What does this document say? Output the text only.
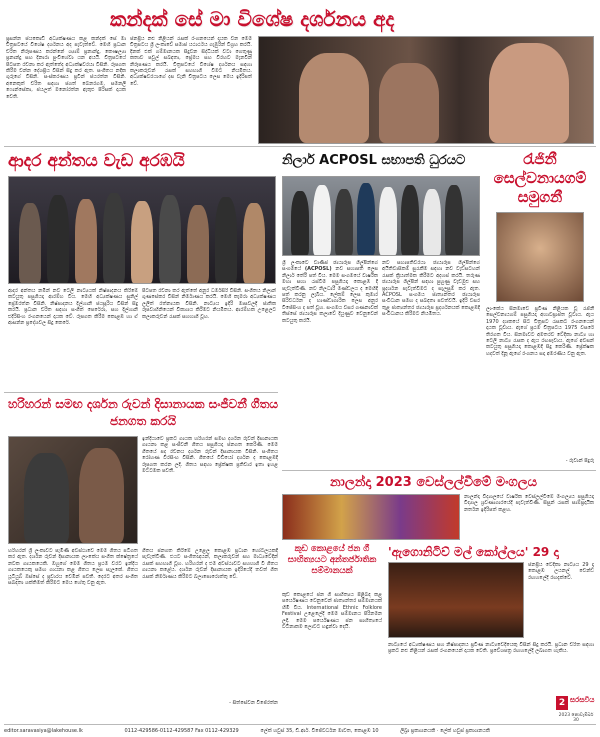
කන්දක් සේ මා විශේෂ දර්ශනය අද
ප්‍රසන්න ජයකොඩි අධ්‍යක්ෂණය කළ කන්දක් සේ මා චිත්‍රපටයේ විශේෂ දර්ශනය අද පැවැත්වේ. මෙහි ප්‍රධාන චරිත නිරූපණය කරන්නේ ශ්‍යාම් ප්‍රනාන්දු, කෞෂල්‍යා ප්‍රනාන්දු සහ දිනාරා පුංචිහේවා යන අයයි. චිත්‍රපටයේ පිටපත රචනා කර ඇත්තේද අධ්‍යක්ෂවරයා විසිනි. රූපගත කිරීම චන්න දේශප්‍රිය විසින් සිදු කර ඇත. සංගීතය නදීක ගුරුගේ විසිනි. සංස්කරණය ප්‍රවීන් ජයරත්න විසිනි. අනෙකුත් චරිත සඳහා ජගත් බෙනරගම, සමනලී ෆොන්සේකා, ජයලත් මනෝරත්න ඇතුළු පිරිසක් දායක වෙති.
ජනප්‍රිය නළු නිළියන් රැසක් රංගනයෙන් දායක වන මෙම චිත්‍රපටය ශ්‍රී ලංකාවේ සමාජ යථාර්ථය ගැඹුරින් විග්‍රහ කරයි. දිනක් එක් ගම්මානයක සිදුවන සිද්ධියක් වටා ගෙතුණු කතාව පවුල් සබඳතා, ප්‍රේමය සහ විරහව මැනවින් නිරූපණය කරයි. චිත්‍රපටයේ විශේෂ දර්ශනය සඳහා කලාකරුවන් රැසක් සහභාගි වීමට නියමිතය. අධ්‍යක්ෂවරයාගේ දස වැනි චිත්‍රපටය ලෙස මෙය ඉදිරිපත් වේ.
ආදර අන්තය වැඩ අරඹයි
ආදර අන්තය නමින් නව ටෙලි නාට්‍යයක් නිෂ්පාදනය කිරීමේ කටයුතු පසුගියදා ආරම්භ විය. මෙහි අධ්‍යක්ෂණය සුනිල් ප්‍රේමරත්න විසිනි. නිෂ්පාදනය දිල්හානි ජයසූරිය විසින් සිදු කරයි. ප්‍රධාන චරිත සඳහා සංගීත් පෙරේරා, සහ දිල්හානි එදිරිසිංහ රංගනයෙන් දායක වේ. රූපගත කිරීම කොළඹ හා ඒ ආසන්න ප්‍රදේශවල සිදු කෙරේ.
පිටපත රචනා කර ඇත්තේ අනුර ධර්මසිරි විසිනි. සංගීතය නිලාන් ගුණසේකර විසින් නිර්මාණය කරයි. මෙහි කැමරා අධ්‍යක්ෂණය ලලිත් රත්නායක විසිනි. නාට්‍යය ඉදිරි මාසවලදී ජාතික රූපවාහිනියෙන් විකාශය කිරීමට නියමිතය. ආරම්භක උළෙලට කලාකරුවන් රැසක් සහභාගි වූහ.
නිලාර් ACPOSL සභාපති ධුරයට
ශ්‍රී ලංකාවේ වාණිජ ඡායාරූප ශිල්පීන්ගේ සංගමයේ (ACPOSL) නව සභාපති ලෙස නිලාර් තේරී පත් විය. මෙම සංගමයේ වාර්ෂික මහා සභා රැස්වීම පසුගියදා කොළඹ දී පැවැත්විණි. නව නිලධාරී මණ්ඩලය ද මෙහිදී පත් කරනු ලැබීය. ලේකම් ලෙස කුමාර සිරිවර්ධන ද භාණ්ඩාගාරික ලෙස අනුර විජේසිංහ ද පත් වූහ. සංගමය වසර ගණනාවක් තිස්සේ ඡායාරූප කලාවේ දියුණුව වෙනුවෙන් කටයුතු කරයි.
නව සභාපතිවරයා ඡායාරූප ශිල්පීන්ගේ අයිතිවාසිකම් සුරැකීම සඳහා නව වැඩසටහන් රැසක් ක්‍රියාත්මක කිරීමට අදහස් කරයි. තරුණ ඡායාරූප ශිල්පීන් සඳහා පුහුණු වැඩමුළු සහ ප්‍රදර්ශන පැවැත්වීමට ද සැලසුම් කර ඇත. ACPOSL සංගමය ජාත්‍යන්තර ඡායාරූප සංවිධාන සමඟ ද සබඳතා පවත්වයි. ඉදිරි වසර තුළ ජාත්‍යන්තර ඡායාරූප ප්‍රදර්ශනයක් කොළඹදී සංවිධානය කිරීමට නියමිතය.
රැජිනී සෙල්වනායගම් සමුගනී
ලාංකේය සිනමාවේ ප්‍රවීණ නිළියක වූ රැජිනී සෙල්වනායගම් පසුගියදා අභාවප්‍රාප්ත වූවාය. ඇය 1970 දශකයේ සිට චිත්‍රපට රැසකට රංගනයෙන් දායක වූවාය. ඇගේ ප්‍රථම චිත්‍රපටය 1975 වසරේ තිරගත විය. සිනමාවට අමතරව වේදිකා නාට්‍ය හා ටෙලි නාට්‍ය රැසක ද ඇය රඟපෑවාය. ඇගේ අවසන් කටයුතු පසුගියදා කොළඹදී සිදු කෙරිණි. ප්‍රේක්ෂක හදවත් දිනූ ඇගේ රංගනය සදා අමරණීය වනු ඇත.
- රුවාන් පිදුරු
හරිහරන් සමඟ දර්ශන රුවන් දිසානායක සංජීවනී ගීතය ජනගත කරයි
ඉන්දියාවේ ප්‍රකට ගායක හරිහරන් සමඟ දර්ශන රුවන් දිසානායක ගායනා කළ සංජීවනී ගීතය පසුගියදා ජනගත කෙරිණි. මෙම ගීතයේ පද රචනය දර්ශන රුවන් දිසානායක විසිනි. සංගීතය රෝහණ වීරසිංහ විසිනි. ගීතයේ වීඩියෝ දර්ශන ද කොළඹදී රූපගත කරන ලදී. ගීතය සඳහා ප්‍රේක්ෂක ප්‍රතිචාර ඉතා ඉහළ මට්ටමක පවතී.
හරිහරන් ශ්‍රී ලංකාවට පැමිණි අවස්ථාවේ මෙම ගීතය පටිගත කර ඇත. දර්ශන රුවන් දිසානායක ලාංකේය සංගීත ක්ෂේත්‍රයේ නවක ගායකයෙකි. ඔහුගේ මෙම ගීතය ප්‍රථම වරට ඉන්දීය ගායකයෙකු සමඟ ගායනා කළ ගීතය ලෙස සැලකේ. ගීතය යූටියුබ් ඔස්සේ ද ප්‍රචාරය වෙමින් පවතී. දෙරට අතර සංගීත සබඳතා ශක්තිමත් කිරීමට මෙය හේතු වනු ඇත.
ගීතය ජනගත කිරීමේ උළෙල කොළඹ ප්‍රධාන හෝටලයකදී පැවැත්විණි. එයට සංගීතඥයන්, කලාකරුවන් සහ මාධ්‍යවේදීන් රැසක් සහභාගි වූහ. හරිහරන් ද එම අවස්ථාවට සහභාගි වී ගීතය ගායනා කළේය. දර්ශන රුවන් දිසානායක ඉදිරියේදී තවත් ගීත රැසක් නිර්මාණය කිරීමට බලාපොරොත්තු වේ.
- සිත්සේවන විජේරත්න
නාලන්දා 2023 වෙස්ලල්වීමේ මංගලය
නාලන්දා විද්‍යාලයේ වාර්ෂික වෙස්ලල්වීමේ මංගල්‍යය පසුගියදා විද්‍යාල ශ්‍රවණාගාරයේදී පැවැත්විණි. සිසුන් රැසක් සාම්ප්‍රදායික නර්තන ඉදිරිපත් කළහ.
කුඩ කොළයේ ජන ගී සාහිත්‍යයට අන්තර්ජාතික සම්මානයක්
කුඩ කොළයේ ජන ගී සාහිත්‍යය පිළිබඳ කළ පර්යේෂණය වෙනුවෙන් ජාත්‍යන්තර සම්මානයක් හිමි විය. International Ethnic Folklore Festival උළෙලේදී මෙම සම්මානය පිරිනමන ලදී. මෙම පර්යේෂණය ජන සාහිත්‍යයේ වටිනාකම ලොවට හඳුන්වා දෙයි.
'ඇගොනිටිව් මල් කෝල්ලය' 29 දා
ජනප්‍රිය වේදිකා නාට්‍යය 29 දා කොළඹ ලයනල් වෙන්ඩ් රඟහලේදී රඟදැක්වේ.
නාට්‍යයේ අධ්‍යක්ෂණය සහ නිෂ්පාදනය ප්‍රවීණ නාට්‍යවේදියෙකු විසින් සිදු කරයි. ප්‍රධාන චරිත සඳහා ප්‍රකට නළු නිළියන් රැසක් රංගනයෙන් දායක වෙති. ප්‍රවේශපත්‍ර රඟහලේදී ලබාගත හැකිය.
2 සරසවිය
2023 නොවැම්බර් 30
editor.saravasiya@lakehouse.lk	0112-429586-0112-429587 Fax 0112-429329	ලේක් හවුස් 35, ඩී.ආර්. විජේවර්ධන මාවත, කොළඹ 10	ලිබ්‍රා ප්‍රකාශනයකි · ලේක් හවුස් ප්‍රකාශනයකි
